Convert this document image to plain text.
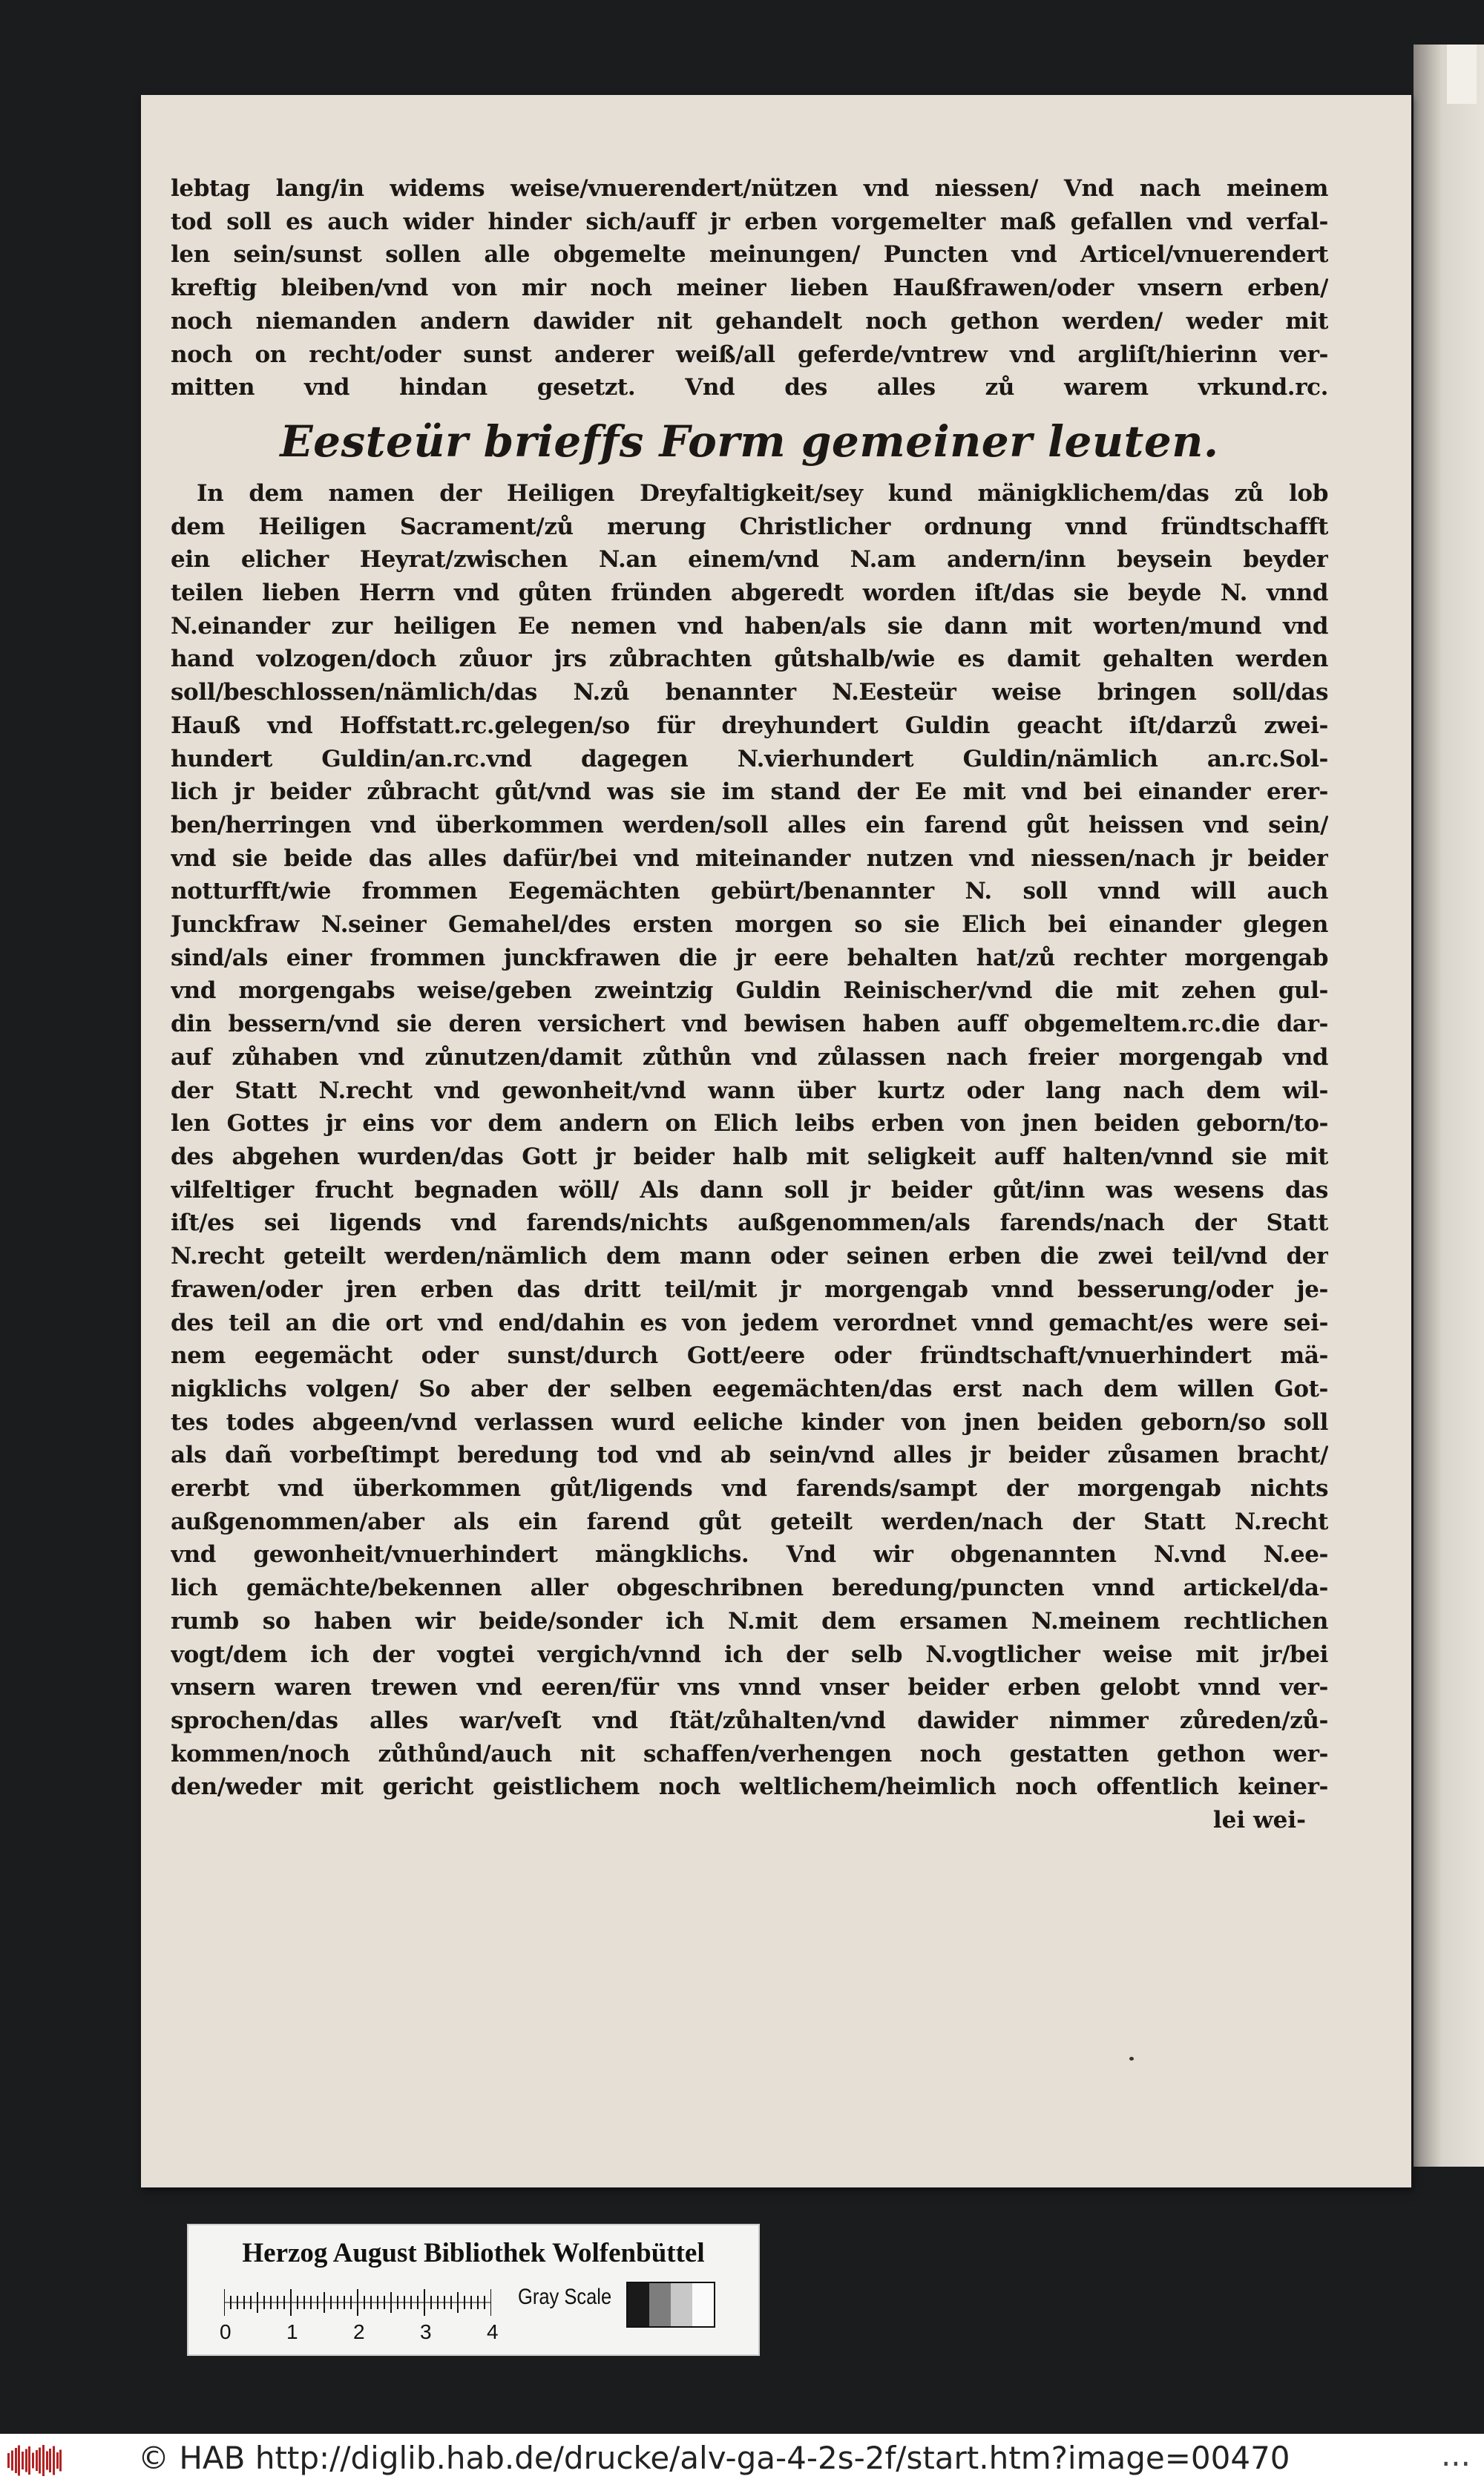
lebtag lang/in widems weise/vnuerendert/nützen vnd niessen/ Vnd nach meinem
tod soll es auch wider hinder sich/auff jr erben vorgemelter maß gefallen vnd verfal‑
len sein/sunst sollen alle obgemelte meinungen/ Puncten vnd Articel/vnuerendert
kreftig bleiben/vnd von mir noch meiner lieben Haußfrawen/oder vnsern erben/
noch niemanden andern dawider nit gehandelt noch gethon werden/ weder mit
noch on recht/oder sunst anderer weiß/all geferde/vntrew vnd argliſt/hierinn ver‑
mitten vnd hindan gesetzt. Vnd des alles zů warem vrkund.rc.
Eesteür brieffs Form gemeiner leuten.
In dem namen der Heiligen Dreyfaltigkeit/sey kund mänigklichem/das zů lob
dem Heiligen Sacrament/zů merung Christlicher ordnung vnnd fründtschafft
ein elicher Heyrat/zwischen N.an einem/vnd N.am andern/inn beysein beyder
teilen lieben Herrn vnd gůten fründen abgeredt worden iſt/das sie beyde N. vnnd
N.einander zur heiligen Ee nemen vnd haben/als sie dann mit worten/mund vnd
hand volzogen/doch zůuor jrs zůbrachten gůtshalb/wie es damit gehalten werden
soll/beschlossen/nämlich/das N.zů benannter N.Eesteür weise bringen soll/das
Hauß vnd Hoffstatt.rc.gelegen/so für dreyhundert Guldin geacht iſt/darzů zwei‑
hundert Guldin/an.rc.vnd dagegen N.vierhundert Guldin/nämlich an.rc.Sol‑
lich jr beider zůbracht gůt/vnd was sie im stand der Ee mit vnd bei einander erer‑
ben/herringen vnd überkommen werden/soll alles ein farend gůt heissen vnd sein/
vnd sie beide das alles dafür/bei vnd miteinander nutzen vnd niessen/nach jr beider
notturfft/wie frommen Eegemächten gebürt/benannter N. soll vnnd will auch
Junckfraw N.seiner Gemahel/des ersten morgen so sie Elich bei einander glegen
sind/als einer frommen junckfrawen die jr eere behalten hat/zů rechter morgengab
vnd morgengabs weise/geben zweintzig Guldin Reinischer/vnd die mit zehen gul‑
din bessern/vnd sie deren versichert vnd bewisen haben auff obgemeltem.rc.die dar‑
auf zůhaben vnd zůnutzen/damit zůthůn vnd zůlassen nach freier morgengab vnd
der Statt N.recht vnd gewonheit/vnd wann über kurtz oder lang nach dem wil‑
len Gottes jr eins vor dem andern on Elich leibs erben von jnen beiden geborn/to‑
des abgehen wurden/das Gott jr beider halb mit seligkeit auff halten/vnnd sie mit
vilfeltiger frucht begnaden wöll/ Als dann soll jr beider gůt/inn was wesens das
iſt/es sei ligends vnd farends/nichts außgenommen/als farends/nach der Statt
N.recht geteilt werden/nämlich dem mann oder seinen erben die zwei teil/vnd der
frawen/oder jren erben das dritt teil/mit jr morgengab vnnd besserung/oder je‑
des teil an die ort vnd end/dahin es von jedem verordnet vnnd gemacht/es were sei‑
nem eegemächt oder sunst/durch Gott/eere oder fründtschaft/vnuerhindert mä‑
nigklichs volgen/ So aber der selben eegemächten/das erst nach dem willen Got‑
tes todes abgeen/vnd verlassen wurd eeliche kinder von jnen beiden geborn/so soll
als dañ vorbeſtimpt beredung tod vnd ab sein/vnd alles jr beider zůsamen bracht/
ererbt vnd überkommen gůt/ligends vnd farends/sampt der morgengab nichts
außgenommen/aber als ein farend gůt geteilt werden/nach der Statt N.recht
vnd gewonheit/vnuerhindert mängklichs. Vnd wir obgenannten N.vnd N.ee‑
lich gemächte/bekennen aller obgeschribnen beredung/puncten vnnd artickel/da‑
rumb so haben wir beide/sonder ich N.mit dem ersamen N.meinem rechtlichen
vogt/dem ich der vogtei vergich/vnnd ich der selb N.vogtlicher weise mit jr/bei
vnsern waren trewen vnd eeren/für vns vnnd vnser beider erben gelobt vnnd ver‑
sprochen/das alles war/veſt vnd ſtät/zůhalten/vnd dawider nimmer zůreden/zů‑
kommen/noch zůthůnd/auch nit schaffen/verhengen noch gestatten gethon wer‑
den/weder mit gericht geistlichem noch weltlichem/heimlich noch offentlich keiner‑
lei wei‑
Herzog August Bibliothek Wolfenbüttel
0	1	2	3	4
Gray Scale
© HAB http://diglib.hab.de/drucke/alv-ga-4-2s-2f/start.htm?image=00470	...
